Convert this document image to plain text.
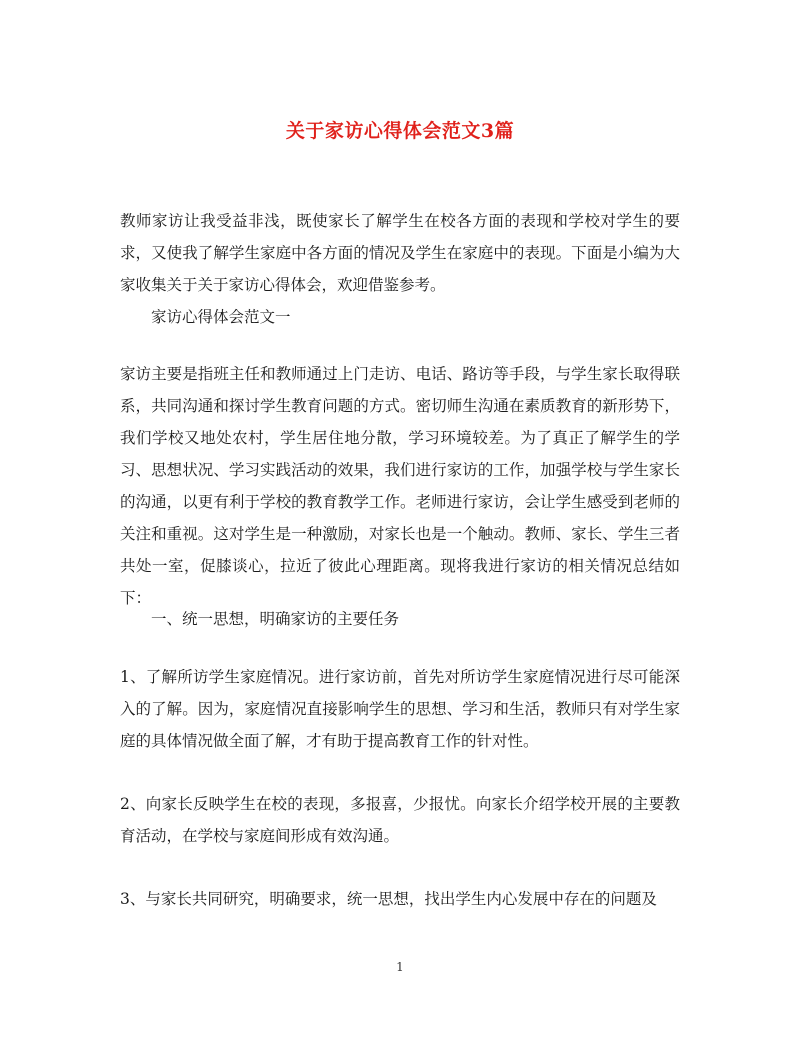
关于家访心得体会范文3篇
教师家访让我受益非浅，既使家长了解学生在校各方面的表现和学校对学生的要求，又使我了解学生家庭中各方面的情况及学生在家庭中的表现。下面是小编为大家收集关于关于家访心得体会，欢迎借鉴参考。
家访心得体会范文一
家访主要是指班主任和教师通过上门走访、电话、路访等手段，与学生家长取得联系，共同沟通和探讨学生教育问题的方式。密切师生沟通在素质教育的新形势下，我们学校又地处农村，学生居住地分散，学习环境较差。为了真正了解学生的学习、思想状况、学习实践活动的效果，我们进行家访的工作，加强学校与学生家长的沟通，以更有利于学校的教育教学工作。老师进行家访，会让学生感受到老师的关注和重视。这对学生是一种激励，对家长也是一个触动。教师、家长、学生三者共处一室，促膝谈心，拉近了彼此心理距离。现将我进行家访的相关情况总结如下：
一、统一思想，明确家访的主要任务
1、了解所访学生家庭情况。进行家访前，首先对所访学生家庭情况进行尽可能深入的了解。因为，家庭情况直接影响学生的思想、学习和生活，教师只有对学生家庭的具体情况做全面了解，才有助于提高教育工作的针对性。
2、向家长反映学生在校的表现，多报喜，少报忧。向家长介绍学校开展的主要教育活动，在学校与家庭间形成有效沟通。
3、与家长共同研究，明确要求，统一思想，找出学生内心发展中存在的问题及
1
